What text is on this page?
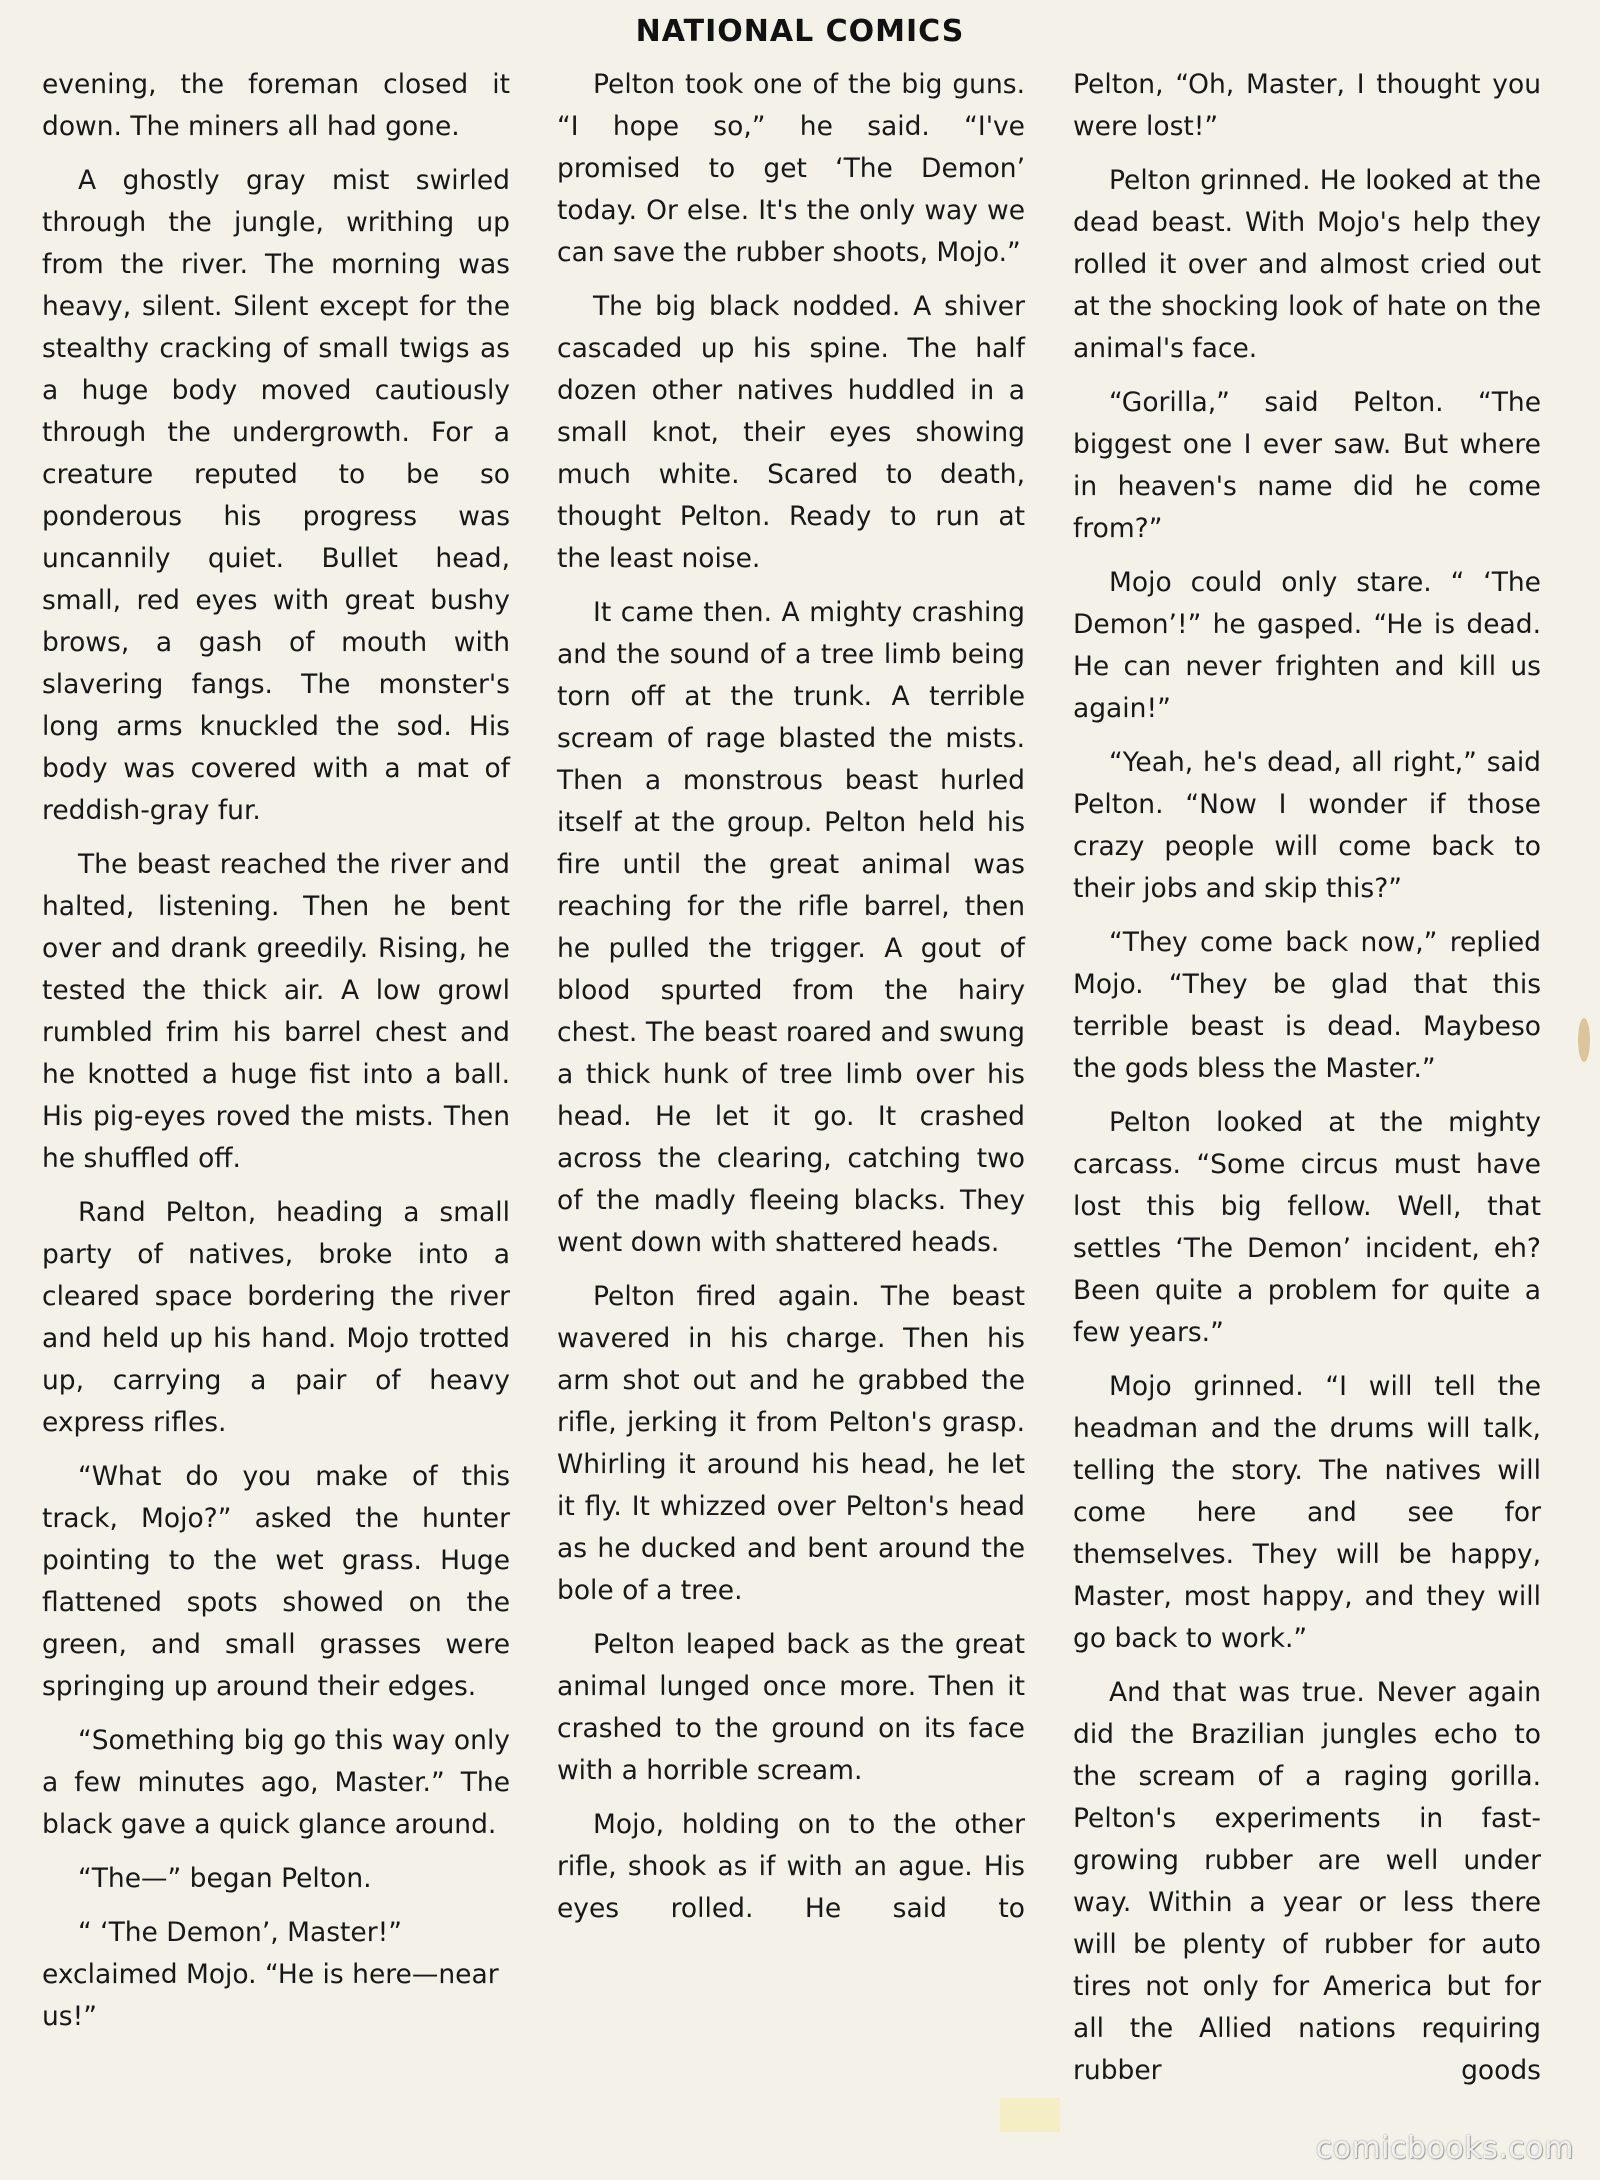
NATIONAL COMICS

evening, the foreman closed it down. The miners all had gone.

A ghostly gray mist swirled through the jungle, writhing up from the river. The morning was heavy, silent. Silent except for the stealthy cracking of small twigs as a huge body moved cautiously through the undergrowth. For a creature reputed to be so ponderous his progress was uncannily quiet. Bullet head, small, red eyes with great bushy brows, a gash of mouth with slavering fangs. The monster's long arms knuckled the sod. His body was covered with a mat of reddish-gray fur.

The beast reached the river and halted, listening. Then he bent over and drank greedily. Rising, he tested the thick air. A low growl rumbled frim his barrel chest and he knotted a huge fist into a ball. His pig-eyes roved the mists. Then he shuffled off.

Rand Pelton, heading a small party of natives, broke into a cleared space bordering the river and held up his hand. Mojo trotted up, carrying a pair of heavy express rifles.

“What do you make of this track, Mojo?” asked the hunter pointing to the wet grass. Huge flattened spots showed on the green, and small grasses were springing up around their edges.

“Something big go this way only a few minutes ago, Master.” The black gave a quick glance around.

“The—” began Pelton.

“ ‘The Demon’, Master!” exclaimed Mojo. “He is here—near us!”

Pelton took one of the big guns. “I hope so,” he said. “I've promised to get ‘The Demon’ today. Or else. It's the only way we can save the rubber shoots, Mojo.”

The big black nodded. A shiver cascaded up his spine. The half dozen other natives huddled in a small knot, their eyes showing much white. Scared to death, thought Pelton. Ready to run at the least noise.

It came then. A mighty crashing and the sound of a tree limb being torn off at the trunk. A terrible scream of rage blasted the mists. Then a monstrous beast hurled itself at the group. Pelton held his fire until the great animal was reaching for the rifle barrel, then he pulled the trigger. A gout of blood spurted from the hairy chest. The beast roared and swung a thick hunk of tree limb over his head. He let it go. It crashed across the clearing, catching two of the madly fleeing blacks. They went down with shattered heads.

Pelton fired again. The beast wavered in his charge. Then his arm shot out and he grabbed the rifle, jerking it from Pelton's grasp. Whirling it around his head, he let it fly. It whizzed over Pelton's head as he ducked and bent around the bole of a tree.

Pelton leaped back as the great animal lunged once more. Then it crashed to the ground on its face with a horrible scream.

Mojo, holding on to the other rifle, shook as if with an ague. His eyes rolled. He said to

Pelton, “Oh, Master, I thought you were lost!”

Pelton grinned. He looked at the dead beast. With Mojo's help they rolled it over and almost cried out at the shocking look of hate on the animal's face.

“Gorilla,” said Pelton. “The biggest one I ever saw. But where in heaven's name did he come from?”

Mojo could only stare. “ ‘The Demon’!” he gasped. “He is dead. He can never frighten and kill us again!”

“Yeah, he's dead, all right,” said Pelton. “Now I wonder if those crazy people will come back to their jobs and skip this?”

“They come back now,” replied Mojo. “They be glad that this terrible beast is dead. Maybeso the gods bless the Master.”

Pelton looked at the mighty carcass. “Some circus must have lost this big fellow. Well, that settles ‘The Demon’ incident, eh? Been quite a problem for quite a few years.”

Mojo grinned. “I will tell the headman and the drums will talk, telling the story. The natives will come here and see for themselves. They will be happy, Master, most happy, and they will go back to work.”

And that was true. Never again did the Brazilian jungles echo to the scream of a raging gorilla. Pelton's experiments in fast-growing rubber are well under way. Within a year or less there will be plenty of rubber for auto tires not only for America but for all the Allied nations requiring rubber goods

comicbooks.com
